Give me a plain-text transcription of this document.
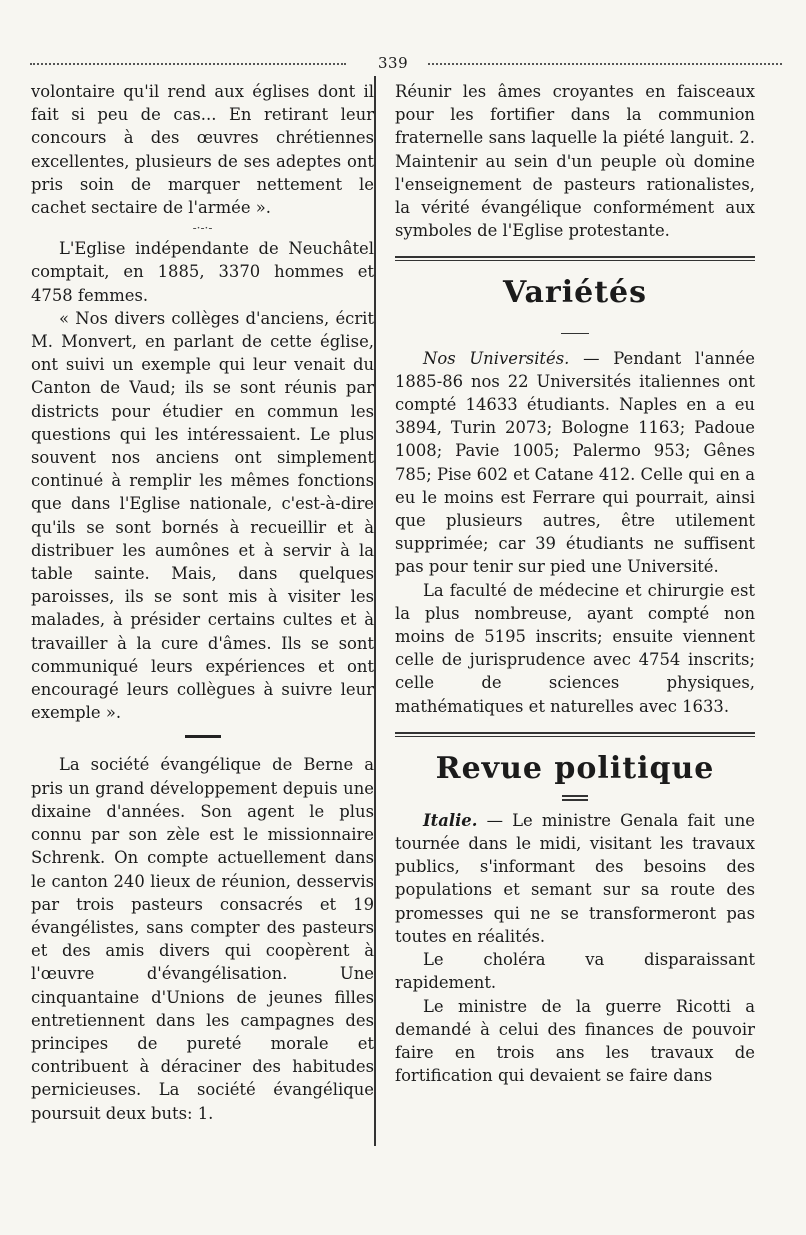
339

volontaire qu'il rend aux églises dont il fait si peu de cas... En retirant leur concours à des œuvres chrétiennes excellentes, plusieurs de ses adeptes ont pris soin de marquer nettement le cachet sectaire de l'armée ».

-·-·-

L'Eglise indépendante de Neuchâtel comptait, en 1885, 3370 hommes et 4758 femmes.

« Nos divers collèges d'anciens, écrit M. Monvert, en parlant de cette église, ont suivi un exemple qui leur venait du Canton de Vaud; ils se sont réunis par districts pour étudier en commun les questions qui les intéressaient. Le plus souvent nos anciens ont simplement continué à remplir les mêmes fonctions que dans l'Eglise nationale, c'est-à-dire qu'ils se sont bornés à recueillir et à distribuer les aumônes et à servir à la table sainte. Mais, dans quelques paroisses, ils se sont mis à visiter les malades, à présider certains cultes et à travailler à la cure d'âmes. Ils se sont communiqué leurs expériences et ont encouragé leurs collègues à suivre leur exemple ».

La société évangélique de Berne a pris un grand développement depuis une dixaine d'années. Son agent le plus connu par son zèle est le missionnaire Schrenk. On compte actuellement dans le canton 240 lieux de réunion, desservis par trois pasteurs consacrés et 19 évangélistes, sans compter des pasteurs et des amis divers qui coopèrent à l'œuvre d'évangélisation. Une cinquantaine d'Unions de jeunes filles entretiennent dans les campagnes des principes de pureté morale et contribuent à déraciner des habitudes pernicieuses. La société évangélique poursuit deux buts: 1.

Réunir les âmes croyantes en faisceaux pour les fortifier dans la communion fraternelle sans laquelle la piété languit. 2. Maintenir au sein d'un peuple où domine l'enseignement de pasteurs rationalistes, la vérité évangélique conformément aux symboles de l'Eglise protestante.

Variétés

Nos Universités. — Pendant l'année 1885-86 nos 22 Universités italiennes ont compté 14633 étudiants. Naples en a eu 3894, Turin 2073; Bologne 1163; Padoue 1008; Pavie 1005; Palermo 953; Gênes 785; Pise 602 et Catane 412. Celle qui en a eu le moins est Ferrare qui pourrait, ainsi que plusieurs autres, être utilement supprimée; car 39 étudiants ne suffisent pas pour tenir sur pied une Université.

La faculté de médecine et chirurgie est la plus nombreuse, ayant compté non moins de 5195 inscrits; ensuite viennent celle de jurisprudence avec 4754 inscrits; celle de sciences physiques, mathématiques et naturelles avec 1633.

Revue politique

Italie. — Le ministre Genala fait une tournée dans le midi, visitant les travaux publics, s'informant des besoins des populations et semant sur sa route des promesses qui ne se transformeront pas toutes en réalités.

Le choléra va disparaissant rapidement.

Le ministre de la guerre Ricotti a demandé à celui des finances de pouvoir faire en trois ans les travaux de fortification qui devaient se faire dans
